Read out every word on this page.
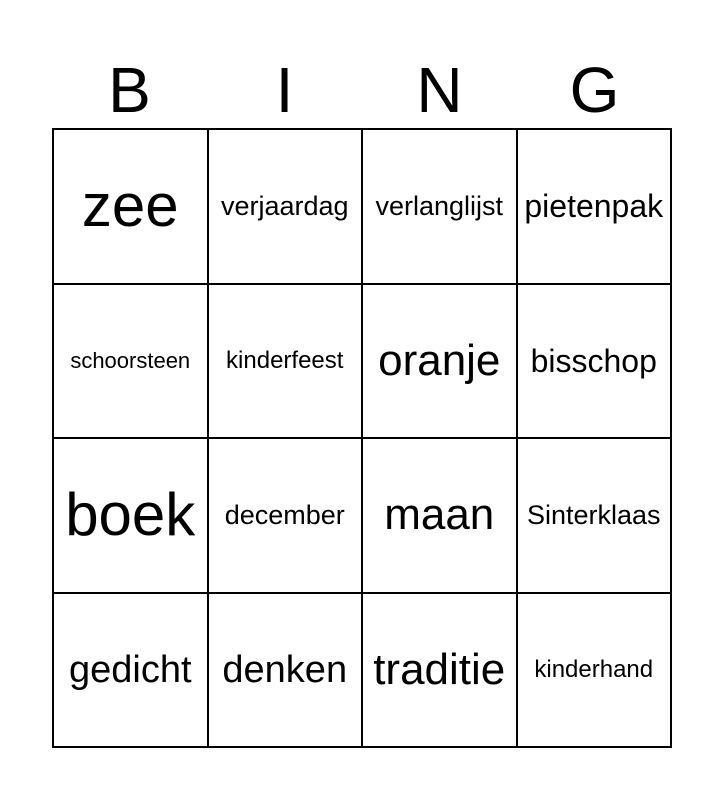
B	I	N	G
zee verjaardag verlanglijst pietenpak
schoorsteen kinderfeest oranje bisschop
boek december maan Sinterklaas
gedicht denken traditie kinderhand
